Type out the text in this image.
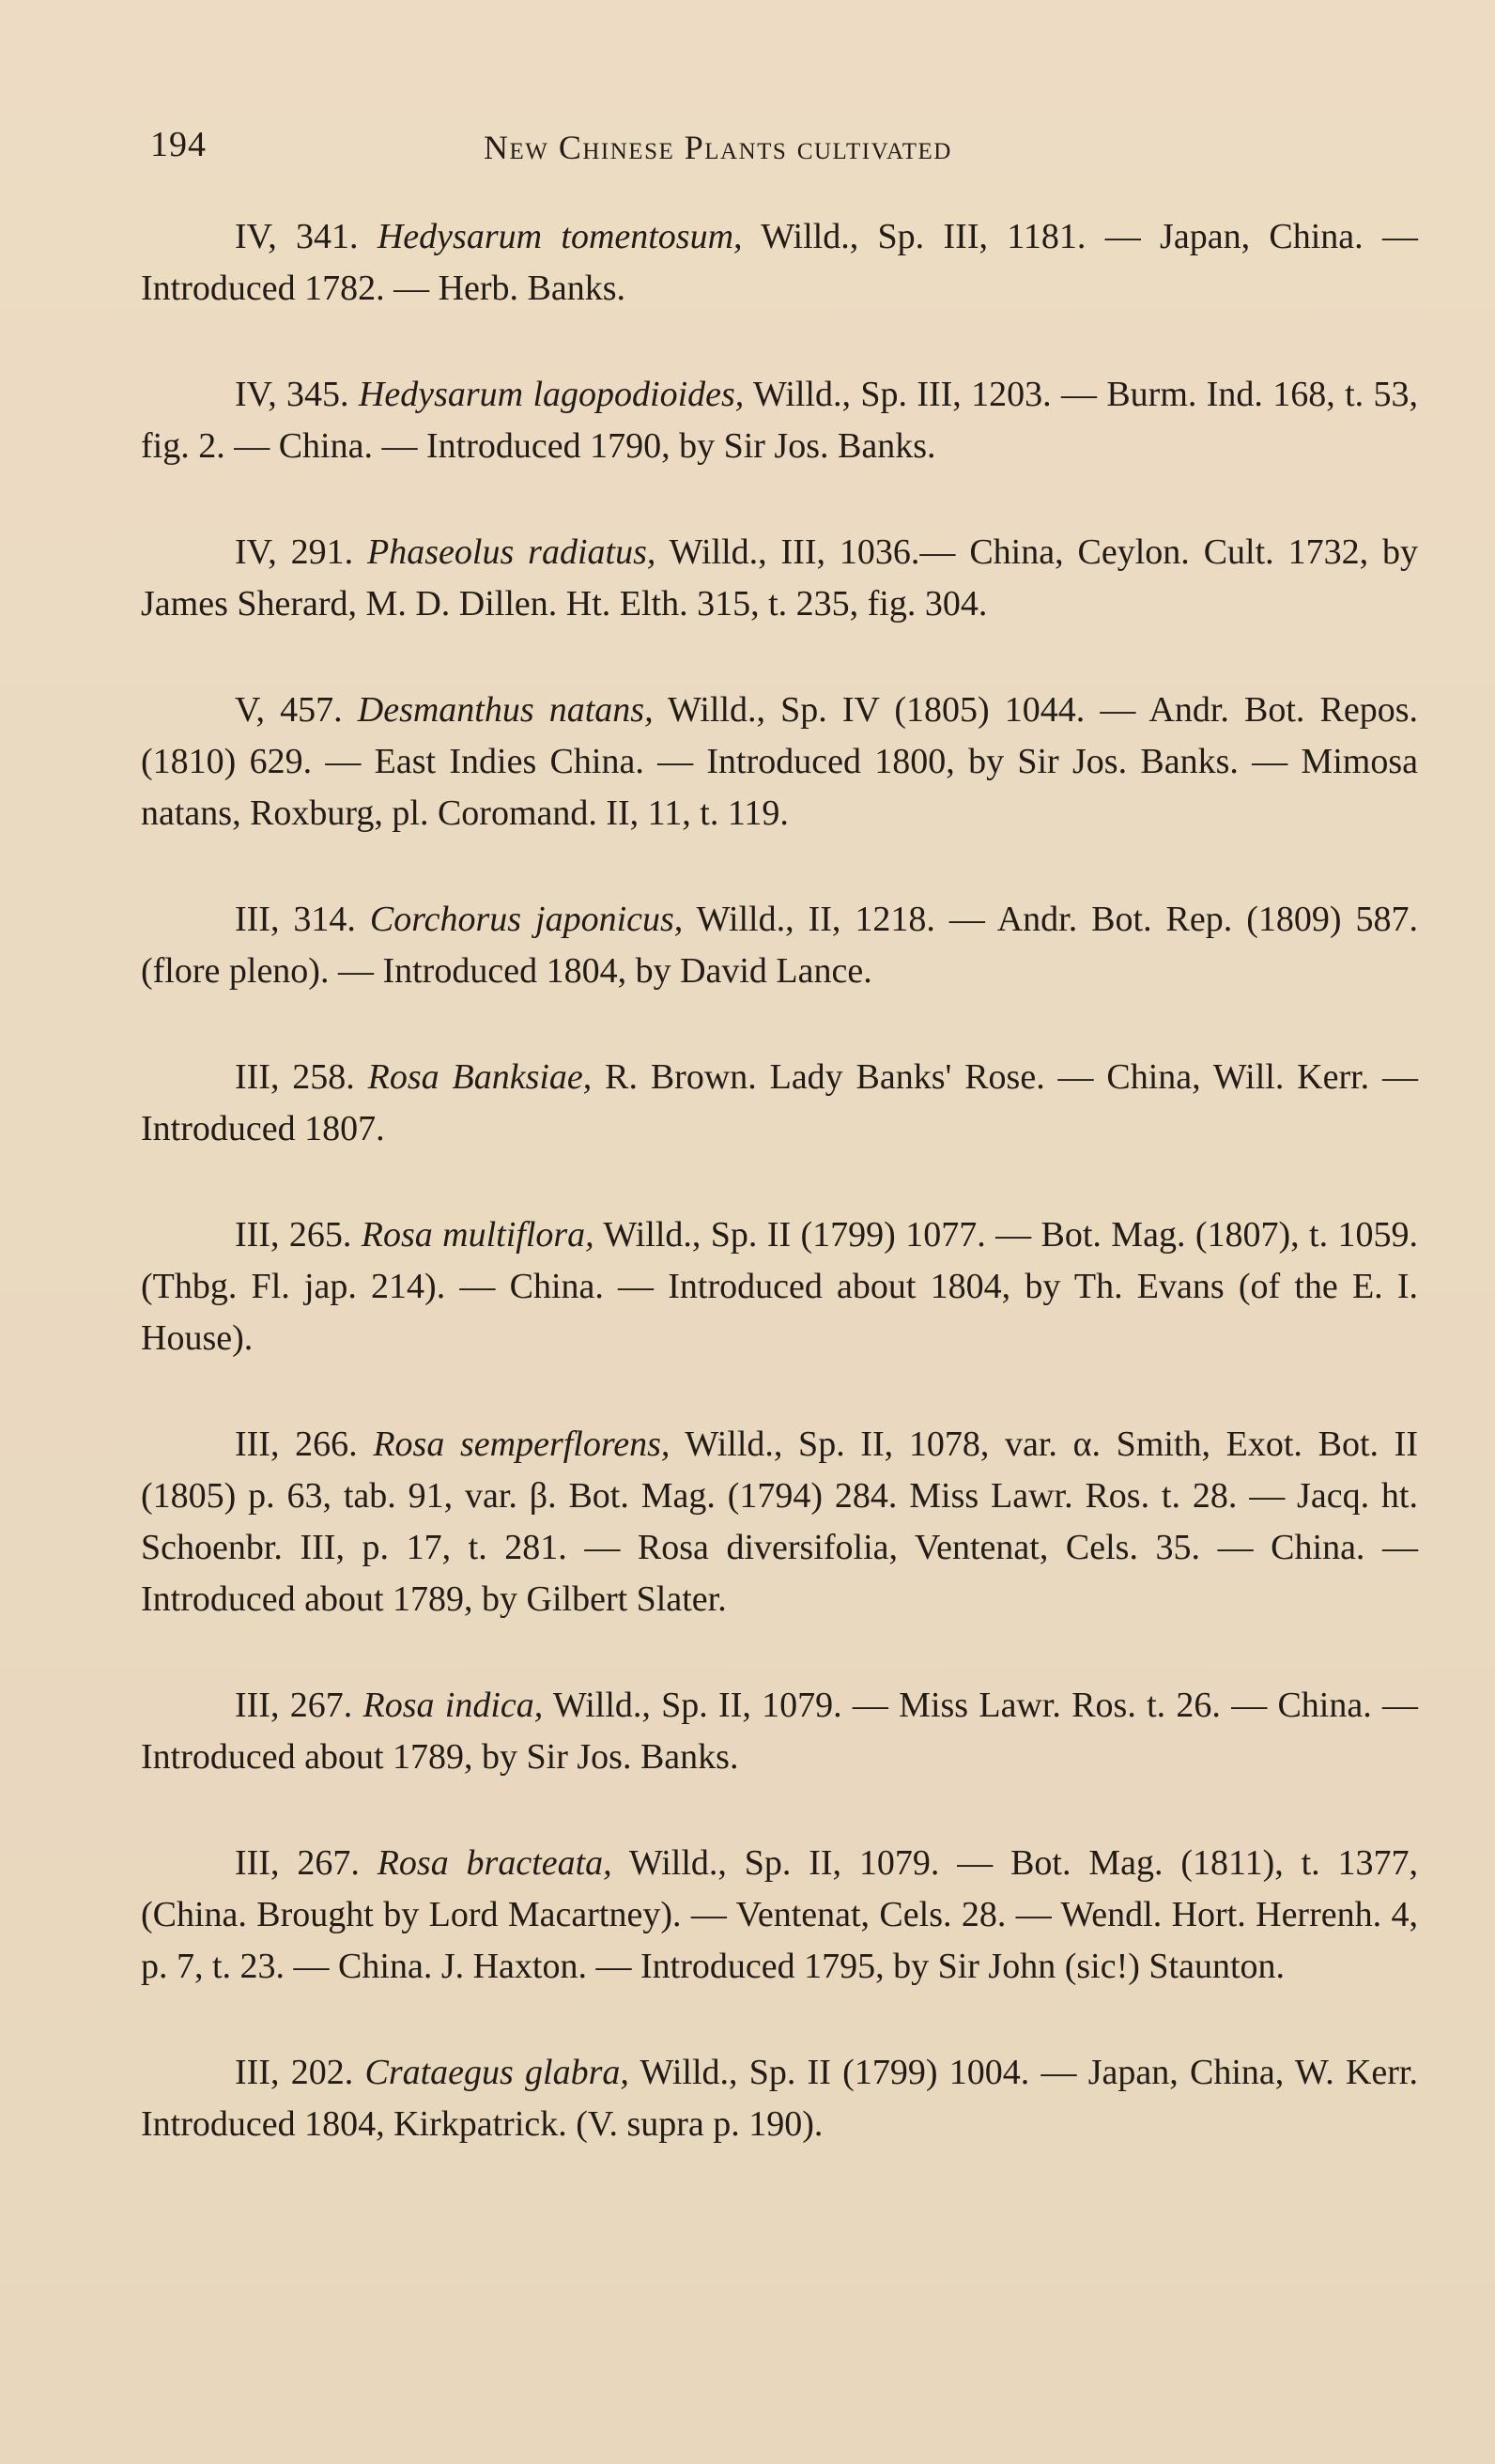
194	New Chinese Plants cultivated

IV, 341. Hedysarum tomentosum, Willd., Sp. III, 1181. — Japan, China. — Introduced 1782. — Herb. Banks.

IV, 345. Hedysarum lagopodioides, Willd., Sp. III, 1203. — Burm. Ind. 168, t. 53, fig. 2. — China. — Introduced 1790, by Sir Jos. Banks.

IV, 291. Phaseolus radiatus, Willd., III, 1036.— China, Ceylon. Cult. 1732, by James Sherard, M. D. Dillen. Ht. Elth. 315, t. 235, fig. 304.

V, 457. Desmanthus natans, Willd., Sp. IV (1805) 1044. — Andr. Bot. Repos. (1810) 629. — East Indies China. — Introduced 1800, by Sir Jos. Banks. — Mimosa natans, Roxburg, pl. Coromand. II, 11, t. 119.

III, 314. Corchorus japonicus, Willd., II, 1218. — Andr. Bot. Rep. (1809) 587. (flore pleno). — Introduced 1804, by David Lance.

III, 258. Rosa Banksiae, R. Brown. Lady Banks' Rose. — China, Will. Kerr. — Introduced 1807.

III, 265. Rosa multiflora, Willd., Sp. II (1799) 1077. — Bot. Mag. (1807), t. 1059. (Thbg. Fl. jap. 214). — China. — Introduced about 1804, by Th. Evans (of the E. I. House).

III, 266. Rosa semperflorens, Willd., Sp. II, 1078, var. α. Smith, Exot. Bot. II (1805) p. 63, tab. 91, var. β. Bot. Mag. (1794) 284. Miss Lawr. Ros. t. 28. — Jacq. ht. Schoenbr. III, p. 17, t. 281. — Rosa diversifolia, Ventenat, Cels. 35. — China. — Introduced about 1789, by Gilbert Slater.

III, 267. Rosa indica, Willd., Sp. II, 1079. — Miss Lawr. Ros. t. 26. — China. — Introduced about 1789, by Sir Jos. Banks.

III, 267. Rosa bracteata, Willd., Sp. II, 1079. — Bot. Mag. (1811), t. 1377, (China. Brought by Lord Macartney). — Ventenat, Cels. 28. — Wendl. Hort. Herrenh. 4, p. 7, t. 23. — China. J. Haxton. — Introduced 1795, by Sir John (sic!) Staunton.

III, 202. Crataegus glabra, Willd., Sp. II (1799) 1004. — Japan, China, W. Kerr. Introduced 1804, Kirkpatrick. (V. supra p. 190).
